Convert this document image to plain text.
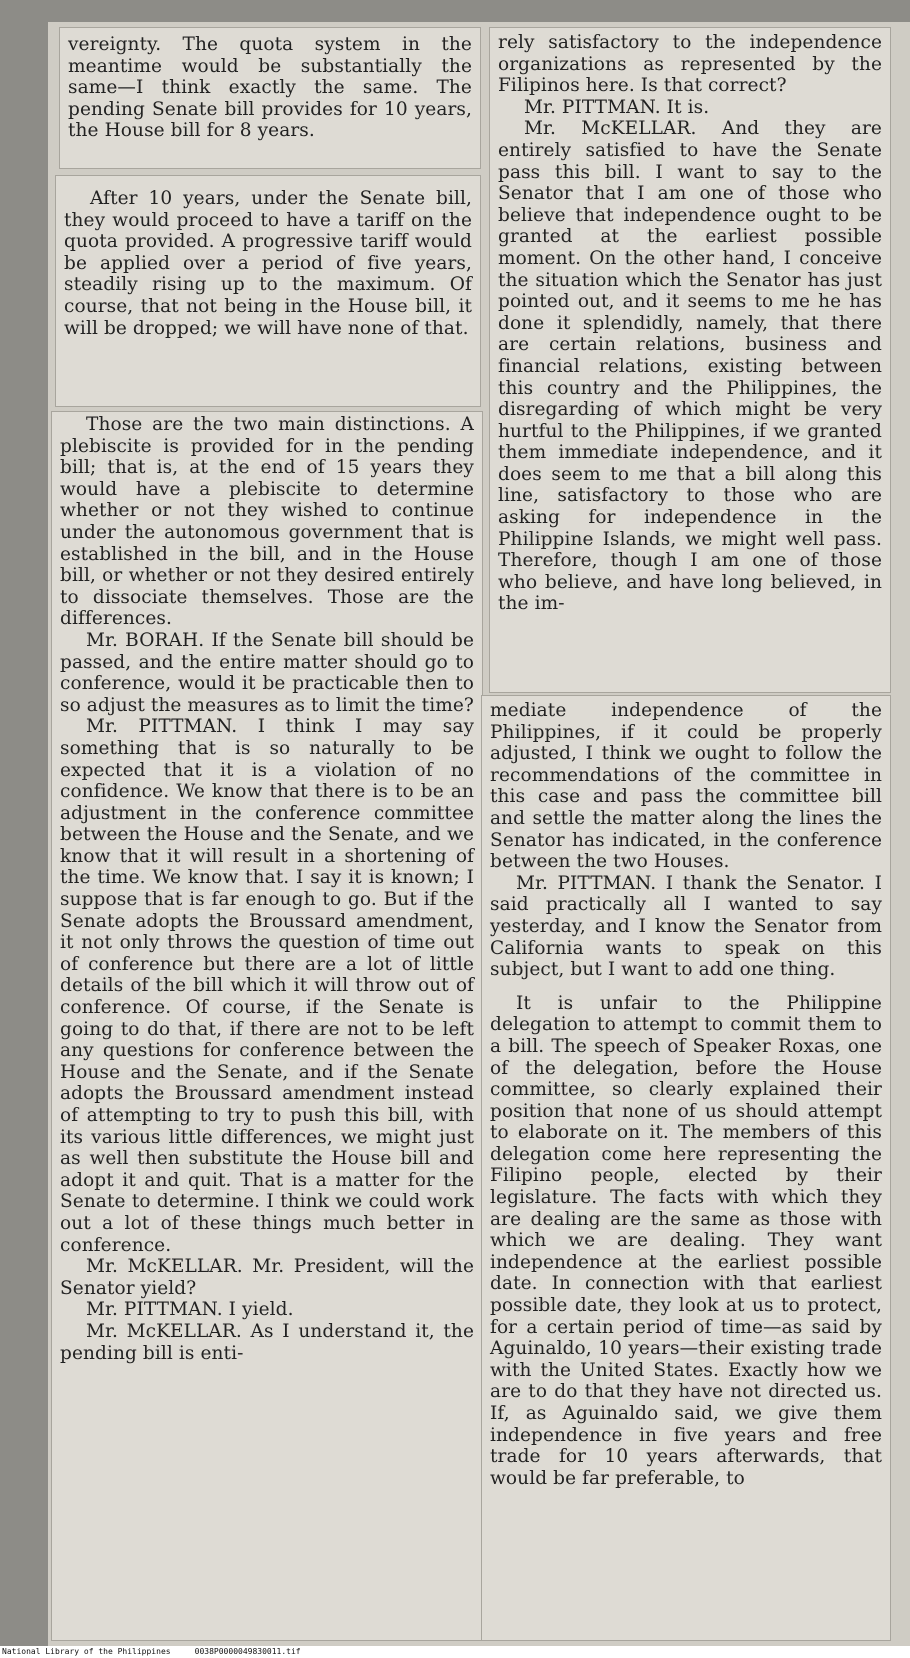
vereignty. The quota system in the meantime would be substantially the same—I think exactly the same. The pending Senate bill provides for 10 years, the House bill for 8 years.

After 10 years, under the Senate bill, they would proceed to have a tariff on the quota provided. A progressive tariff would be applied over a period of five years, steadily rising up to the maximum. Of course, that not being in the House bill, it will be dropped; we will have none of that.

Those are the two main distinctions. A plebiscite is provided for in the pending bill; that is, at the end of 15 years they would have a plebiscite to determine whether or not they wished to continue under the autonomous government that is established in the bill, and in the House bill, or whether or not they desired entirely to dissociate themselves. Those are the differences.

Mr. BORAH. If the Senate bill should be passed, and the entire matter should go to conference, would it be practicable then to so adjust the measures as to limit the time?

Mr. PITTMAN. I think I may say something that is so naturally to be expected that it is a violation of no confidence. We know that there is to be an adjustment in the conference committee between the House and the Senate, and we know that it will result in a shortening of the time. We know that. I say it is known; I suppose that is far enough to go. But if the Senate adopts the Broussard amendment, it not only throws the question of time out of conference but there are a lot of little details of the bill which it will throw out of conference. Of course, if the Senate is going to do that, if there are not to be left any questions for conference between the House and the Senate, and if the Senate adopts the Broussard amendment instead of attempting to try to push this bill, with its various little differences, we might just as well then substitute the House bill and adopt it and quit. That is a matter for the Senate to determine. I think we could work out a lot of these things much better in conference.

Mr. McKELLAR. Mr. President, will the Senator yield?

Mr. PITTMAN. I yield.

Mr. McKELLAR. As I understand it, the pending bill is enti-

rely satisfactory to the independence organizations as represented by the Filipinos here. Is that correct?

Mr. PITTMAN. It is.

Mr. McKELLAR. And they are entirely satisfied to have the Senate pass this bill. I want to say to the Senator that I am one of those who believe that independence ought to be granted at the earliest possible moment. On the other hand, I conceive the situation which the Senator has just pointed out, and it seems to me he has done it splendidly, namely, that there are certain relations, business and financial relations, existing between this country and the Philippines, the disregarding of which might be very hurtful to the Philippines, if we granted them immediate independence, and it does seem to me that a bill along this line, satisfactory to those who are asking for independence in the Philippine Islands, we might well pass. Therefore, though I am one of those who believe, and have long believed, in the im-

mediate independence of the Philippines, if it could be properly adjusted, I think we ought to follow the recommendations of the committee in this case and pass the committee bill and settle the matter along the lines the Senator has indicated, in the conference between the two Houses.

Mr. PITTMAN. I thank the Senator. I said practically all I wanted to say yesterday, and I know the Senator from California wants to speak on this subject, but I want to add one thing.

It is unfair to the Philippine delegation to attempt to commit them to a bill. The speech of Speaker Roxas, one of the delegation, before the House committee, so clearly explained their position that none of us should attempt to elaborate on it. The members of this delegation come here representing the Filipino people, elected by their legislature. The facts with which they are dealing are the same as those with which we are dealing. They want independence at the earliest possible date. In connection with that earliest possible date, they look at us to protect, for a certain period of time—as said by Aguinaldo, 10 years—their existing trade with the United States. Exactly how we are to do that they have not directed us. If, as Aguinaldo said, we give them independence in five years and free trade for 10 years afterwards, that would be far preferable, to

National Library of the Philippines     0038P0000049830011.tif
